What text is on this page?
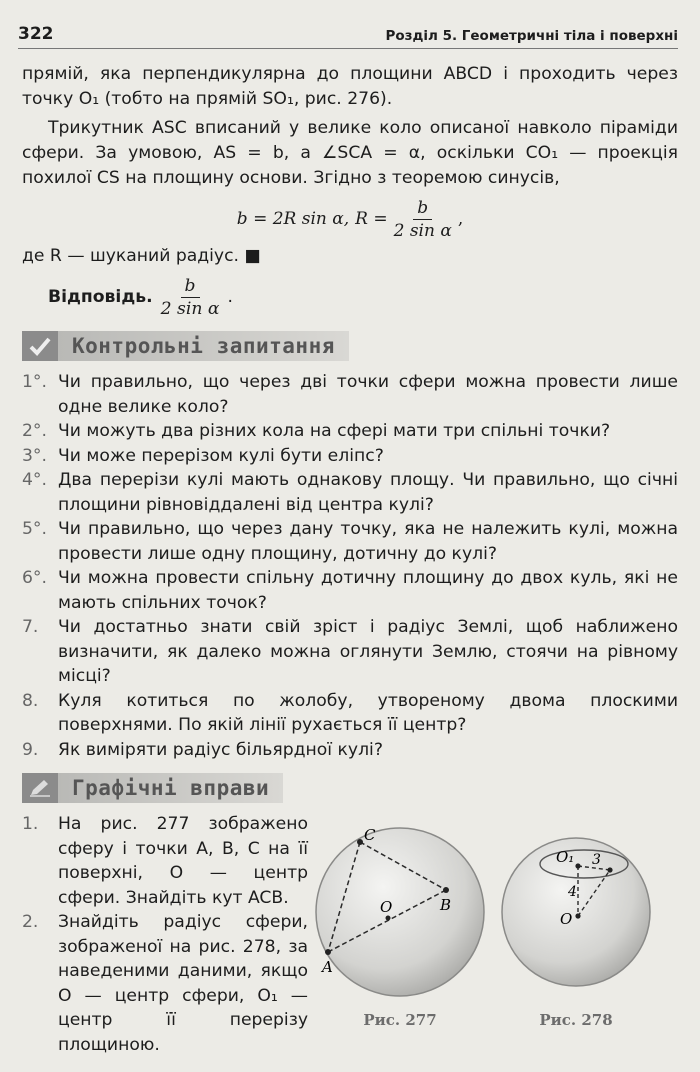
322	Розділ 5. Геометричні тіла і поверхні

прямій, яка перпендикулярна до площини ABCD і проходить через точку O₁ (тобто на прямій SO₁, рис. 276).

Трикутник ASC вписаний у велике коло описаної навколо піраміди сфери. За умовою, AS = b, а ∠SCA = α, оскільки CO₁ — проекція похилої CS на площину основи. Згідно з теоремою синусів,

b = 2R sin α, $R = \frac{b}{\text{2 sin α}}$ ,

де R — шуканий радіус. ■

Відповідь. $\frac{b}{\text{2 sin α}}$ .
Контрольні запитання
1°. Чи правильно, що через дві точки сфери можна провести лише одне велике коло?
2°. Чи можуть два різних кола на сфері мати три спільні точки?
3°. Чи може перерізом кулі бути еліпс?
4°. Два перерізи кулі мають однакову площу. Чи правильно, що січні площини рівновіддалені від центра кулі?
5°. Чи правильно, що через дану точку, яка не належить кулі, можна провести лише одну площину, дотичну до кулі?
6°. Чи можна провести спільну дотичну площину до двох куль, які не мають спільних точок?
7.	Чи достатньо знати свій зріст і радіус Землі, щоб наближено визначити, як далеко можна оглянути Землю, стоячи на рівному місці?
8.	Куля котиться по жолобу, утвореному двома плоскими поверхнями. По якій лінії рухається її центр?
9.	Як виміряти радіус більярдної кулі?
Графічні вправи
1.	На рис. 277 зображено сферу і точки A, B, C на її поверхні, O — центр сфери. Знайдіть кут ACB.
2.	Знайдіть радіус сфери, зображеної на рис. 278, за наведеними даними, якщо O — центр сфери, O₁ — центр її перерізу площиною.
C
B
A
O
Рис. 277
O₁
O
3
4
Рис. 278
